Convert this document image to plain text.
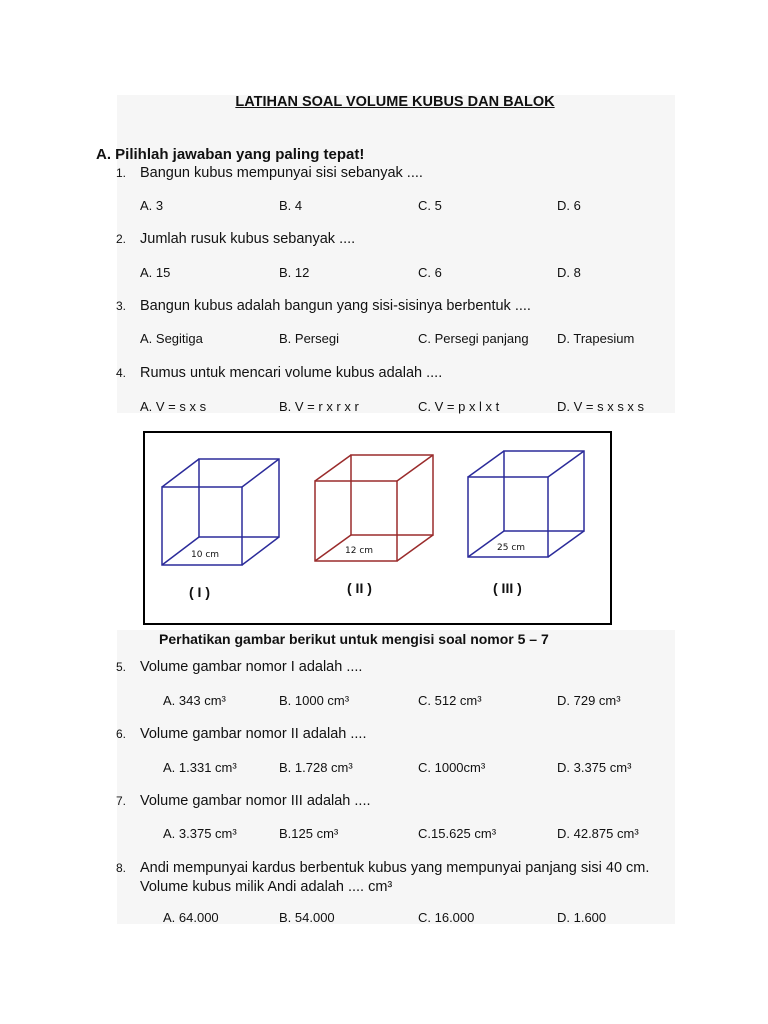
LATIHAN SOAL VOLUME KUBUS DAN BALOK
A. Pilihlah jawaban yang paling tepat!
1. Bangun kubus mempunyai sisi sebanyak ....
A. 3	B. 4	C. 5	D. 6
2. Jumlah rusuk kubus sebanyak ....
A. 15	B. 12	C. 6	D. 8
3. Bangun kubus adalah bangun yang sisi-sisinya berbentuk ....
A. Segitiga	B. Persegi	C. Persegi panjang D. Trapesium
4. Rumus untuk mencari volume kubus adalah ....
A. V = s x s	B. V = r x r x r	C. V = p x l x t	D. V = s x s x s
10 cm	12 cm	25 cm
( I )	( II )	( III )
Perhatikan gambar berikut untuk mengisi soal nomor 5 – 7
5. Volume gambar nomor I adalah ....
A. 343 cm³	B. 1000 cm³	C. 512 cm³	D. 729 cm³
6. Volume gambar nomor II adalah ....
A. 1.331 cm³	B. 1.728 cm³	C. 1000cm³	D. 3.375 cm³
7. Volume gambar nomor III adalah ....
A. 3.375 cm³	B.125 cm³	C.15.625 cm³	D. 42.875 cm³
8. Andi mempunyai kardus berbentuk kubus yang mempunyai panjang sisi 40 cm. Volume kubus milik Andi adalah .... cm³
A. 64.000	B. 54.000	C. 16.000	D. 1.600
